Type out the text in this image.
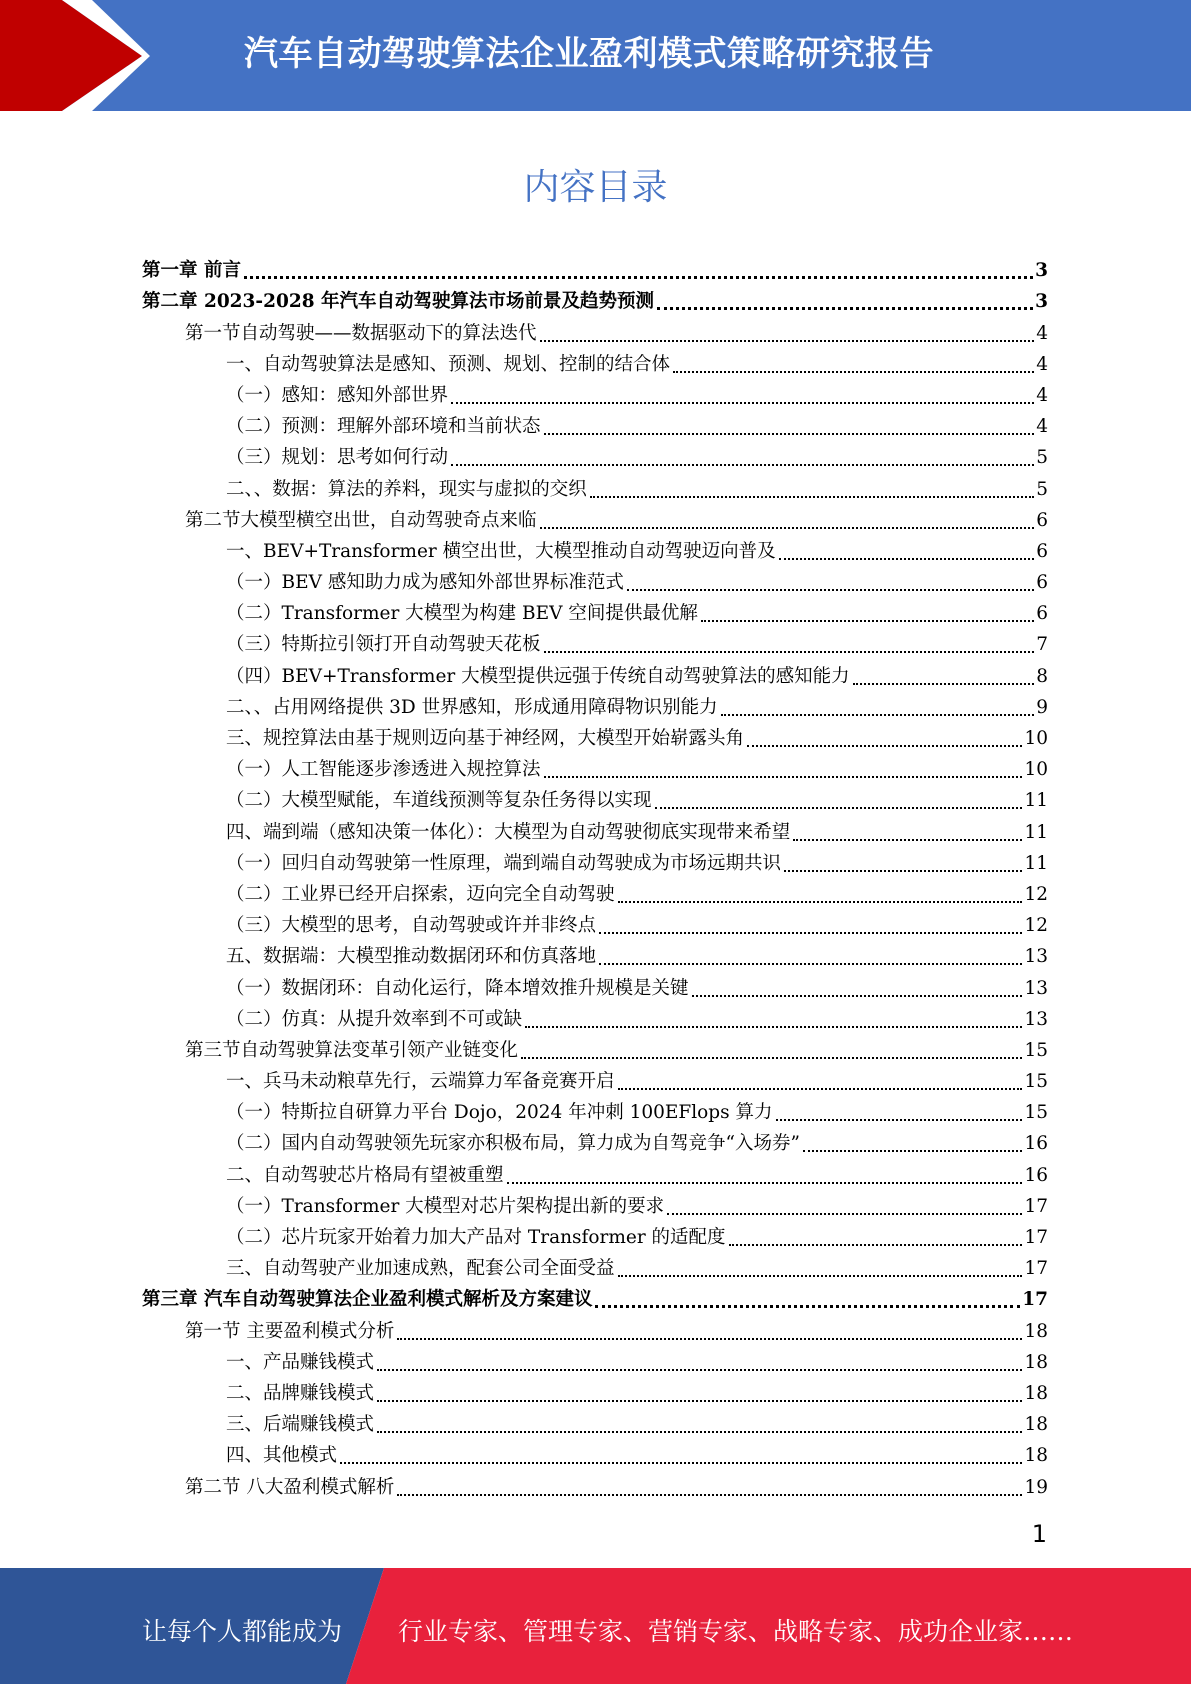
汽车自动驾驶算法企业盈利模式策略研究报告
内容目录
第一章 前言	3
第二章 2023-2028 年汽车自动驾驶算法市场前景及趋势预测	3
第一节自动驾驶——数据驱动下的算法迭代	4
一、自动驾驶算法是感知、预测、规划、控制的结合体	4
（一）感知：感知外部世界	4
（二）预测：理解外部环境和当前状态	4
（三）规划：思考如何行动	5
二、、数据：算法的养料，现实与虚拟的交织	5
第二节大模型横空出世，自动驾驶奇点来临	6
一、BEV+Transformer 横空出世，大模型推动自动驾驶迈向普及	6
（一）BEV 感知助力成为感知外部世界标准范式	6
（二）Transformer 大模型为构建 BEV 空间提供最优解	6
（三）特斯拉引领打开自动驾驶天花板	7
（四）BEV+Transformer 大模型提供远强于传统自动驾驶算法的感知能力	8
二、、占用网络提供 3D 世界感知，形成通用障碍物识别能力	9
三、规控算法由基于规则迈向基于神经网，大模型开始崭露头角	10
（一）人工智能逐步渗透进入规控算法	10
（二）大模型赋能，车道线预测等复杂任务得以实现	11
四、端到端（感知决策一体化）：大模型为自动驾驶彻底实现带来希望	11
（一）回归自动驾驶第一性原理，端到端自动驾驶成为市场远期共识	11
（二）工业界已经开启探索，迈向完全自动驾驶	12
（三）大模型的思考，自动驾驶或许并非终点	12
五、数据端：大模型推动数据闭环和仿真落地	13
（一）数据闭环：自动化运行，降本增效推升规模是关键	13
（二）仿真：从提升效率到不可或缺	13
第三节自动驾驶算法变革引领产业链变化	15
一、兵马未动粮草先行，云端算力军备竞赛开启	15
（一）特斯拉自研算力平台 Dojo，2024 年冲刺 100EFlops 算力	15
（二）国内自动驾驶领先玩家亦积极布局，算力成为自驾竞争“入场券”	16
二、自动驾驶芯片格局有望被重塑	16
（一）Transformer 大模型对芯片架构提出新的要求	17
（二）芯片玩家开始着力加大产品对 Transformer 的适配度	17
三、自动驾驶产业加速成熟，配套公司全面受益	17
第三章 汽车自动驾驶算法企业盈利模式解析及方案建议	17
第一节 主要盈利模式分析	18
一、产品赚钱模式	18
二、品牌赚钱模式	18
三、后端赚钱模式	18
四、其他模式	18
第二节 八大盈利模式解析	19
1
让每个人都能成为 行业专家、管理专家、营销专家、战略专家、成功企业家……
